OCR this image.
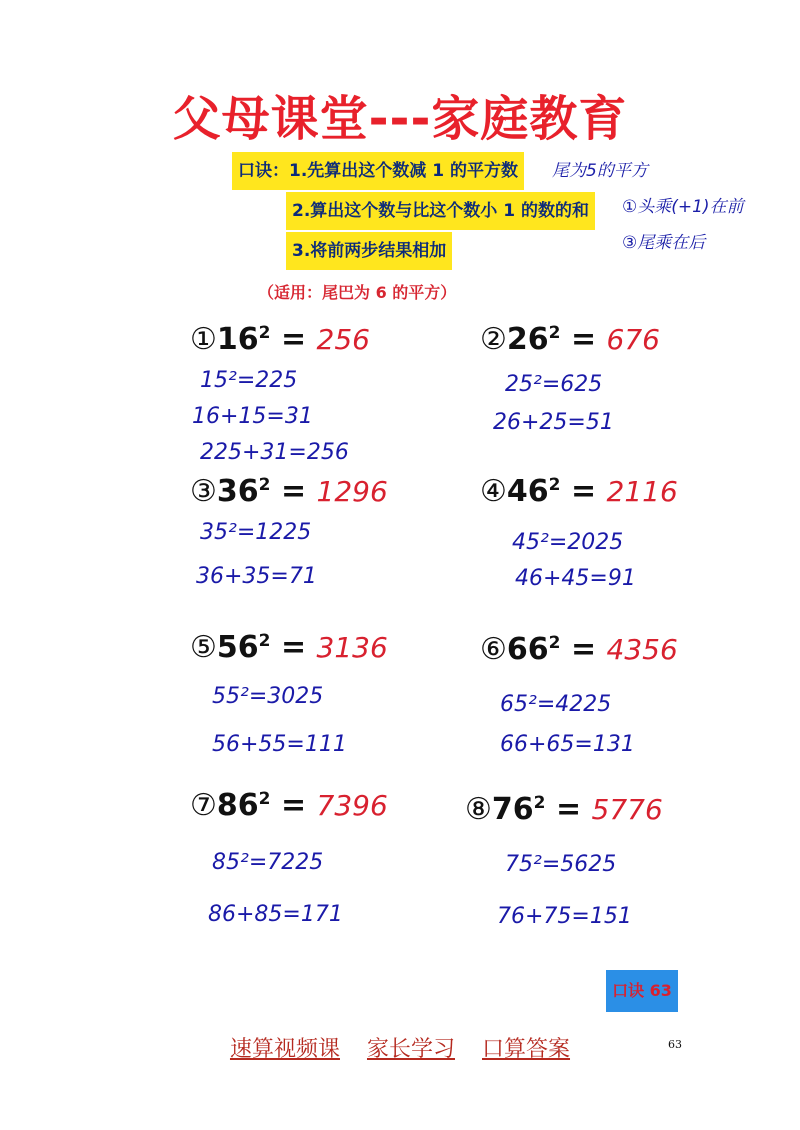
父母课堂---家庭教育
口诀：1.先算出这个数减 1 的平方数
2.算出这个数与比这个数小 1 的数的和
3.将前两步结果相加
尾为5的平方
①头乘(+1)在前
③尾乘在后
（适用：尾巴为 6 的平方）
$①16^2 = 256$
15²=225
16+15=31
225+31=256
$②26^2 = 676$
25²=625
26+25=51
$③36^2 = 1296$
35²=1225
36+35=71
$④46^2 = 2116$
45²=2025
46+45=91
$⑤56^2 = 3136$
55²=3025
56+55=111
$⑥66^2 = 4356$
65²=4225
66+65=131
$⑦86^2 = 7396$
85²=7225
86+85=171
$⑧76^2 = 5776$
75²=5625
76+75=151
口诀 63
速算视频课 家长学习 口算答案	63
